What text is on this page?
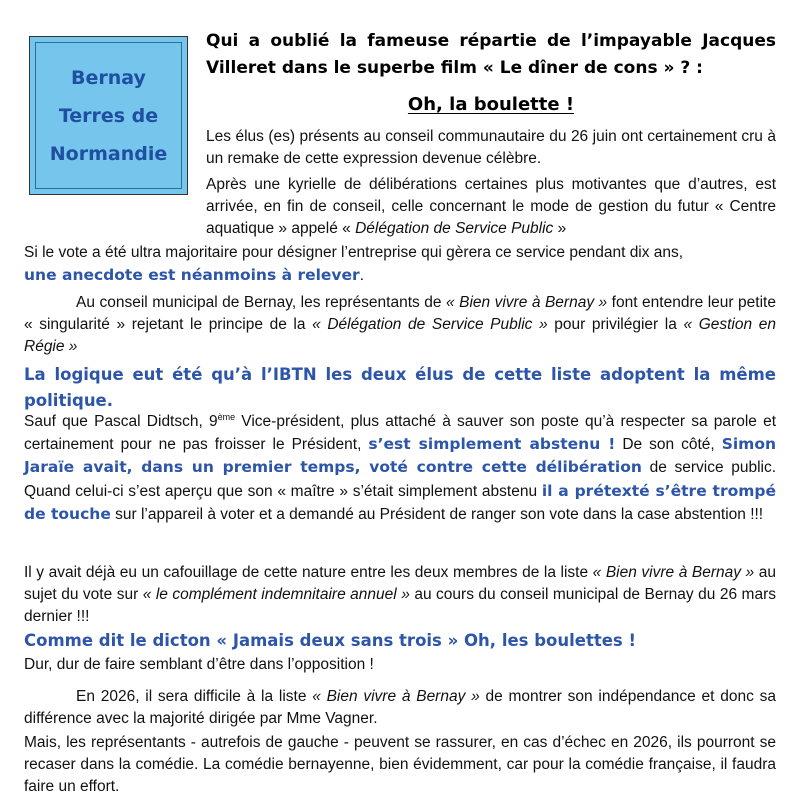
Bernay
Terres de
Normandie
Qui a oublié la fameuse répartie de l’impayable Jacques Villeret dans le superbe film « Le dîner de cons » ? :
Oh, la boulette !
Les élus (es) présents au conseil communautaire du 26 juin ont certainement cru à un remake de cette expression devenue célèbre.
Après une kyrielle de délibérations certaines plus motivantes que d’autres, est arrivée, en fin de conseil, celle concernant le mode de gestion du futur « Centre aquatique » appelé « Délégation de Service Public »
Si le vote a été ultra majoritaire pour désigner l’entreprise qui gèrera ce service pendant dix ans,
une anecdote est néanmoins à relever.
Au conseil municipal de Bernay, les représentants de « Bien vivre à Bernay » font entendre leur petite « singularité » rejetant le principe de la « Délégation de Service Public » pour privilégier la « Gestion en Régie »
La logique eut été qu’à l’IBTN les deux élus de cette liste adoptent la même politique.
Sauf que Pascal Didtsch, 9ème Vice-président, plus attaché à sauver son poste qu’à respecter sa parole et certainement pour ne pas froisser le Président, s’est simplement abstenu ! De son côté, Simon Jaraïe avait, dans un premier temps, voté contre cette délibération de service public. Quand celui-ci s’est aperçu que son « maître » s’était simplement abstenu il a prétexté s’être trompé de touche sur l’appareil à voter et a demandé au Président de ranger son vote dans la case abstention !!!
Il y avait déjà eu un cafouillage de cette nature entre les deux membres de la liste « Bien vivre à Bernay » au sujet du vote sur « le complément indemnitaire annuel » au cours du conseil municipal de Bernay du 26 mars dernier !!!
Comme dit le dicton « Jamais deux sans trois » Oh, les boulettes !
Dur, dur de faire semblant d’être dans l’opposition !
En 2026, il sera difficile à la liste « Bien vivre à Bernay » de montrer son indépendance et donc sa différence avec la majorité dirigée par Mme Vagner.
Mais, les représentants - autrefois de gauche - peuvent se rassurer, en cas d’échec en 2026, ils pourront se recaser dans la comédie. La comédie bernayenne, bien évidemment, car pour la comédie française, il faudra faire un effort.
